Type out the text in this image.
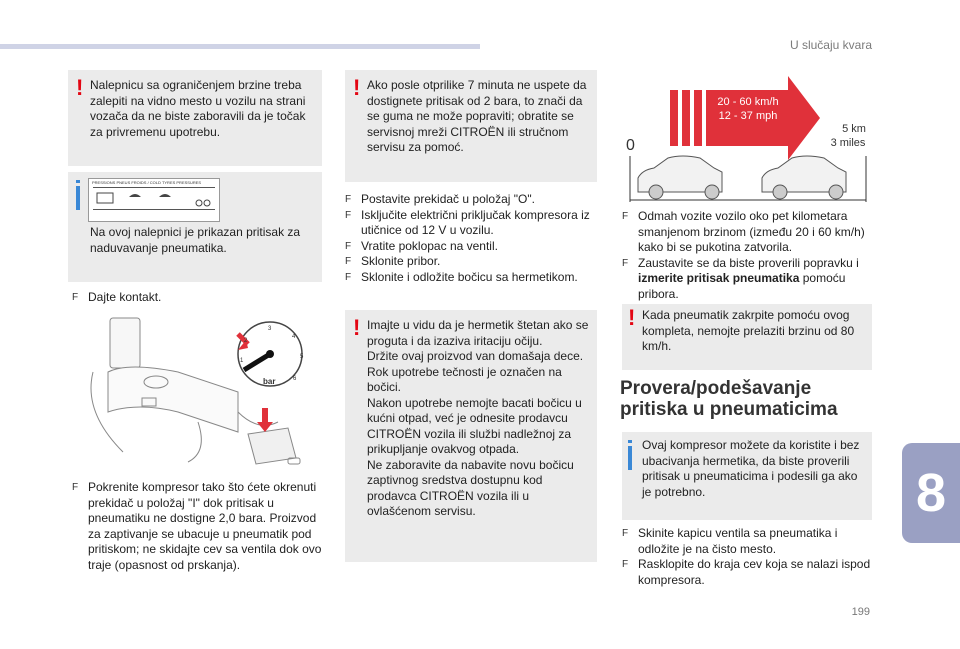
U slučaju kvara
199
8
! Nalepnicu sa ograničenjem brzine treba zalepiti na vidno mesto u vozilu na strani vozača da ne biste zaboravili da je točak za privremenu upotrebu.
Na ovoj nalepnici je prikazan pritisak za naduvavanje pneumatika.
PRESSIONS PNEUS FROIDS / COLD TYRES PRESSURES
F Dajte kontakt.
bar
1
2
3
4
5
6
F Pokrenite kompresor tako što ćete okrenuti prekidač u položaj "I" dok pritisak u pneumatiku ne dostigne 2,0 bara. Proizvod za zaptivanje se ubacuje u pneumatik pod pritiskom; ne skidajte cev sa ventila dok ovo traje (opasnost od prskanja).
! Ako posle otprilike 7 minuta ne uspete da dostignete pritisak od 2 bara, to znači da se guma ne može popraviti; obratite se servisnoj mreži CITROËN ili stručnom servisu za pomoć.
F Postavite prekidač u položaj "O".
F Isključite električni priključak kompresora iz utičnice od 12 V u vozilu.
F Vratite poklopac na ventil.
F Sklonite pribor.
F Sklonite i odložite bočicu sa hermetikom.
! Imajte u vidu da je hermetik štetan ako se proguta i da izaziva iritaciju očiju.
Držite ovaj proizvod van domašaja dece.
Rok upotrebe tečnosti je označen na bočici.
Nakon upotrebe nemojte bacati bočicu u kućni otpad, već je odnesite prodavcu CITROËN vozila ili službi nadležnoj za prikupljanje ovakvog otpada.
Ne zaboravite da nabavite novu bočicu zaptivnog sredstva dostupnu kod prodavca CITROËN vozila ili u ovlašćenom servisu.
20 - 60 km/h
12 - 37 mph
0
5 km
3 miles
F Odmah vozite vozilo oko pet kilometara smanjenom brzinom (između 20 i 60 km/h) kako bi se pukotina zatvorila.
F Zaustavite se da biste proverili popravku i izmerite pritisak pneumatika pomoću pribora.
! Kada pneumatik zakrpite pomoću ovog kompleta, nemojte prelaziti brzinu od 80 km/h.
Provera/podešavanje
pritiska u pneumaticima
Ovaj kompresor možete da koristite i bez ubacivanja hermetika, da biste proverili pritisak u pneumaticima i podesili ga ako je potrebno.
F Skinite kapicu ventila sa pneumatika i odložite je na čisto mesto.
F Rasklopite do kraja cev koja se nalazi ispod kompresora.
